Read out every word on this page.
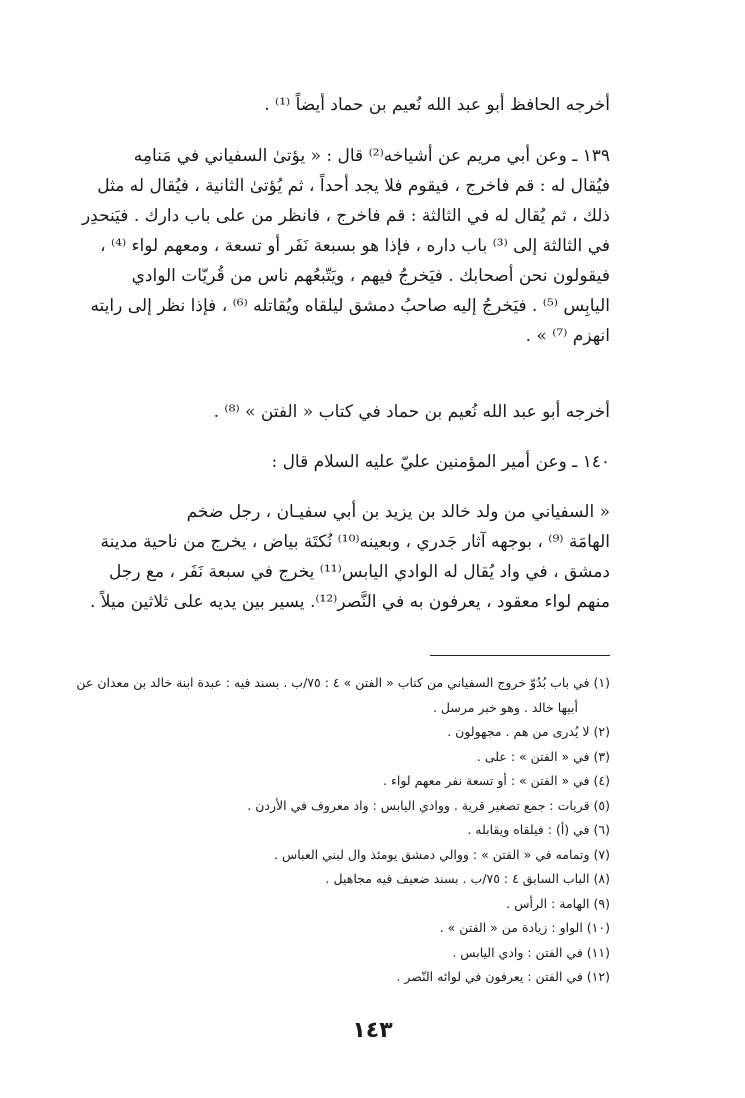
أخرجه الحافظ أبو عبد الله نُعيم بن حماد أيضاً ⁽¹⁾ .
١٣٩ ـ وعن أبي مريم عن أشياخه⁽²⁾ قال : « يؤتىٰ السفياني في مَنامِه
فيُقال له : قم فاخرج ، فيقوم فلا يجد أحداً ، ثم يُؤتىٰ الثانية ، فيُقال له مثل
ذلك ، ثم يُقال له في الثالثة : قم فاخرج ، فانظر من على باب دارك . فيَنحدِر
في الثالثة إلى ⁽³⁾ باب داره ، فإذا هو بسبعة نَفَر أو تسعة ، ومعهم لواء ⁽⁴⁾ ،
فيقولون نحن أصحابك . فيَخرجُ فيهم ، ويَتّبعُهم ناس من قُريّات الوادي
اليابِس ⁽⁵⁾ . فيَخرجُ إليه صاحبُ دمشق ليلقاه ويُقاتله ⁽⁶⁾ ، فإذا نظر إلى رايته
انهزم ⁽⁷⁾ » .
أخرجه أبو عبد الله نُعيم بن حماد في كتاب « الفتن » ⁽⁸⁾ .
١٤٠ ـ وعن أمير المؤمنين عليّ عليه السلام قال :
« السفياني من ولد خالد بن يزيد بن أبي سفيـان ، رجل ضخم
الهامَة ⁽⁹⁾ ، بوجهه آثار جَدري ، وبعينه⁽¹⁰⁾ نُكتَة بياض ، يخرج من ناحية مدينة
دمشق ، في واد يُقال له الوادي اليابس⁽¹¹⁾ يخرج في سبعة نَفَر ، مع رجل
منهم لواء معقود ، يعرفون به في النَّصر⁽¹²⁾. يسير بين يديه على ثلاثين ميلاً .
(١) في باب بُدُوّ خروج السفياني من كتاب « الفتن » ٤ : ٧٥/ب . بسند فيه : عبدة ابنة خالد بن معدان عن
أبيها خالد . وهو خبر مرسل .
(٢) لا يُدرى من هم . مجهولون .
(٣) في « الفتن » : على .
(٤) في « الفتن » : أو تسعة نفر معهم لواء .
(٥) قريات : جمع تصغير قرية . ووادي اليابس : واد معروف في الأردن .
(٦) في (أ) : فيلقاه ويقابله .
(٧) وتمامه في « الفتن » : ووالي دمشق يومئذ وال لبني العباس .
(٨) الباب السابق ٤ : ٧٥/ب . بسند ضعيف فيه مجاهيل .
(٩) الهامة : الرأس .
(١٠) الواو : زيادة من « الفتن » .
(١١) في الفتن : وادي اليابس .
(١٢) في الفتن : يعرفون في لوائه النّصر .
١٤٣
